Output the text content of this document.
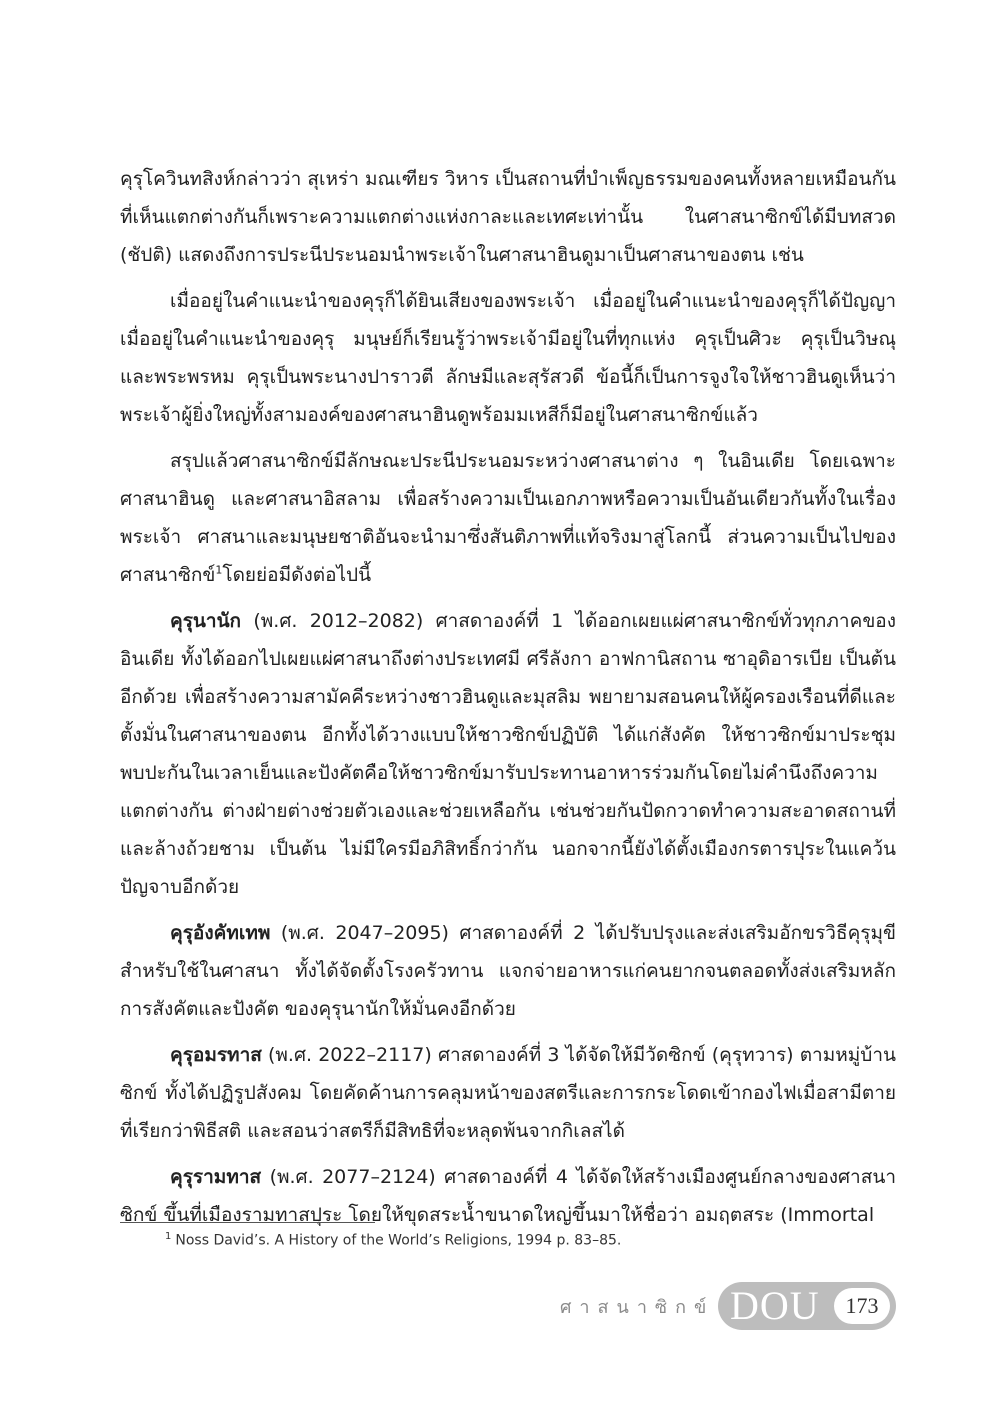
คุรุโควินทสิงห์กล่าวว่า สุเหร่า มณเฑียร วิหาร เป็นสถานที่บำเพ็ญธรรมของคนทั้งหลายเหมือนกัน ที่เห็นแตกต่างกันก็เพราะความแตกต่างแห่งกาละและเทศะเท่านั้น ในศาสนาซิกข์ได้มีบทสวด (ชัปติ) แสดงถึงการประนีประนอมนำพระเจ้าในศาสนาฮินดูมาเป็นศาสนาของตน เช่น

เมื่ออยู่ในคำแนะนำของคุรุก็ได้ยินเสียงของพระเจ้า เมื่ออยู่ในคำแนะนำของคุรุก็ได้ปัญญา เมื่ออยู่ในคำแนะนำของคุรุ มนุษย์ก็เรียนรู้ว่าพระเจ้ามีอยู่ในที่ทุกแห่ง คุรุเป็นศิวะ คุรุเป็นวิษณุ และพระพรหม คุรุเป็นพระนางปาราวตี ลักษมีและสุรัสวดี ข้อนี้ก็เป็นการจูงใจให้ชาวฮินดูเห็นว่าพระเจ้าผู้ยิ่งใหญ่ทั้งสามองค์ของศาสนาฮินดูพร้อมมเหสีก็มีอยู่ในศาสนาซิกข์แล้ว

สรุปแล้วศาสนาซิกข์มีลักษณะประนีประนอมระหว่างศาสนาต่าง ๆ ในอินเดีย โดยเฉพาะศาสนาฮินดู และศาสนาอิสลาม เพื่อสร้างความเป็นเอกภาพหรือความเป็นอันเดียวกันทั้งในเรื่องพระเจ้า ศาสนาและมนุษยชาติอันจะนำมาซึ่งสันติภาพที่แท้จริงมาสู่โลกนี้ ส่วนความเป็นไปของศาสนาซิกข์$^1$โดยย่อมีดังต่อไปนี้

คุรุนานัก (พ.ศ. 2012–2082) ศาสดาองค์ที่ 1 ได้ออกเผยแผ่ศาสนาซิกข์ทั่วทุกภาคของอินเดีย ทั้งได้ออกไปเผยแผ่ศาสนาถึงต่างประเทศมี ศรีลังกา อาฟกานิสถาน ซาอุดิอารเบีย เป็นต้นอีกด้วย เพื่อสร้างความสามัคคีระหว่างชาวฮินดูและมุสลิม พยายามสอนคนให้ผู้ครองเรือนที่ดีและตั้งมั่นในศาสนาของตน อีกทั้งได้วางแบบให้ชาวซิกข์ปฏิบัติ ได้แก่สังคัต ให้ชาวซิกข์มาประชุมพบปะกันในเวลาเย็นและปังคัตคือให้ชาวซิกข์มารับประทานอาหารร่วมกันโดยไม่คำนึงถึงความแตกต่างกัน ต่างฝ่ายต่างช่วยตัวเองและช่วยเหลือกัน เช่นช่วยกันปัดกวาดทำความสะอาดสถานที่และล้างถ้วยชาม เป็นต้น ไม่มีใครมีอภิสิทธิ์กว่ากัน นอกจากนี้ยังได้ตั้งเมืองกรตารปุระในแคว้นปัญจาบอีกด้วย

คุรุอังคัทเทพ (พ.ศ. 2047–2095) ศาสดาองค์ที่ 2 ได้ปรับปรุงและส่งเสริมอักขรวิธีคุรุมุขี สำหรับใช้ในศาสนา ทั้งได้จัดตั้งโรงครัวทาน แจกจ่ายอาหารแก่คนยากจนตลอดทั้งส่งเสริมหลักการสังคัตและปังคัต ของคุรุนานักให้มั่นคงอีกด้วย

คุรุอมรทาส (พ.ศ. 2022–2117) ศาสดาองค์ที่ 3 ได้จัดให้มีวัดซิกข์ (คุรุทวาร) ตามหมู่บ้านซิกข์ ทั้งได้ปฏิรูปสังคม โดยคัดค้านการคลุมหน้าของสตรีและการกระโดดเข้ากองไฟเมื่อสามีตายที่เรียกว่าพิธีสติ และสอนว่าสตรีก็มีสิทธิที่จะหลุดพ้นจากกิเลสได้

คุรุรามทาส (พ.ศ. 2077–2124) ศาสดาองค์ที่ 4 ได้จัดให้สร้างเมืองศูนย์กลางของศาสนาซิกข์ ขึ้นที่เมืองรามทาสปุระ โดยให้ขุดสระน้ำขนาดใหญ่ขึ้นมาให้ชื่อว่า อมฤตสระ (Immortal

$^1$ Noss David’s. A History of the World’s Religions, 1994 p. 83–85.
ศาสนาซิกข์ DOU	173
